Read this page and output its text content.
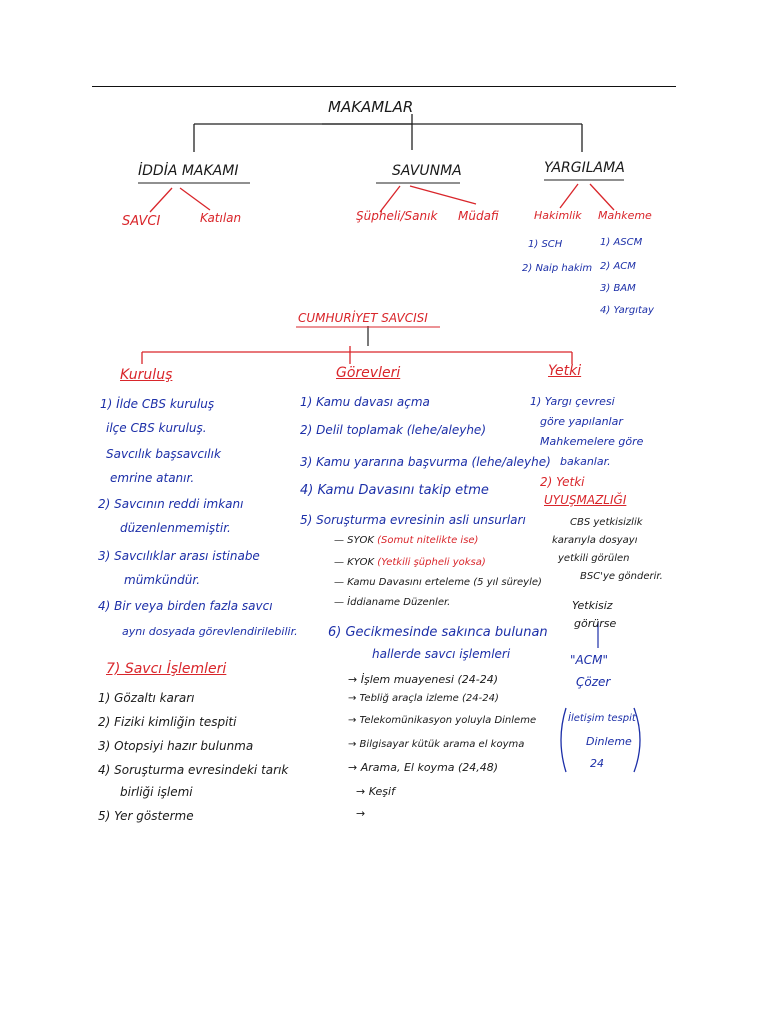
MAKAMLAR
İDDİA MAKAMI	SAVUNMA	YARGILAMA
SAVCI	Katılan	Şüpheli/Sanık Müdafi	Hakimlik Mahkeme
1) SCH
2) Naip hakim
1) ASCM
2) ACM
3) BAM
4) Yargıtay
CUMHURİYET SAVCISI
Kuruluş
1) İlde CBS kuruluş
ilçe CBS kuruluş.
Savcılık başsavcılık
emrine atanır.
2) Savcının reddi imkanı
düzenlenmemiştir.
3) Savcılıklar arası istinabe
mümkündür.
4) Bir veya birden fazla savcı
aynı dosyada görevlendirilebilir.
7) Savcı İşlemleri
1) Gözaltı kararı
2) Fiziki kimliğin tespiti
3) Otopsiyi hazır bulunma
4) Soruşturma evresindeki tarık
birliği işlemi
5) Yer gösterme
Görevleri
1) Kamu davası açma
2) Delil toplamak (lehe/aleyhe)
3) Kamu yararına başvurma (lehe/aleyhe)
4) Kamu Davasını takip etme
5) Soruşturma evresinin asli unsurları
— SYOK (Somut nitelikte ise)
— KYOK (Yetkili şüpheli yoksa)
— Kamu Davasını erteleme (5 yıl süreyle)
— İddianame Düzenler.
6) Gecikmesinde sakınca bulunan
hallerde savcı işlemleri
→ İşlem muayenesi (24-24)
→ Tebliğ araçla izleme (24-24)
→ Telekomünikasyon yoluyla Dinleme
→ Bilgisayar kütük arama el koyma
→ Arama, El koyma (24,48)
→ Keşif
→
Yetki
1) Yargı çevresi
göre yapılanlar
Mahkemelere göre
bakanlar.
2) Yetki
UYUŞMAZLIĞI
CBS yetkisizlik
kararıyla dosyayı
yetkili görülen
BSC'ye gönderir.
Yetkisiz
görürse
"ACM"
Çözer
İletişim tespit
Dinleme
24
